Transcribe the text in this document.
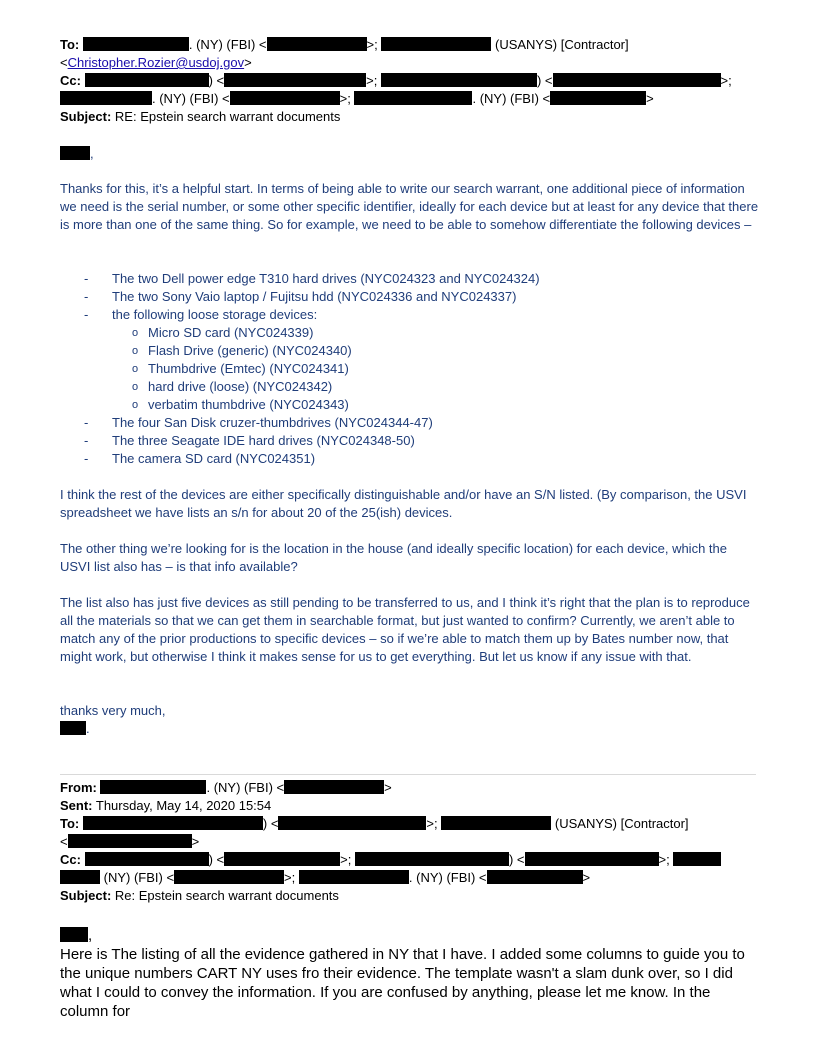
To:	. (NY) (FBI) <	>;	(USANYS) [Contractor]
<Christopher.Rozier@usdoj.gov>
Cc:	) <	>;	) <	>;
. (NY) (FBI) <	>;	. (NY) (FBI) <	>
Subject: RE: Epstein search warrant documents
,
Thanks for this, it’s a helpful start. In terms of being able to write our search warrant, one additional piece of information we need is the serial number, or some other specific identifier, ideally for each device but at least for any device that there is more than one of the same thing. So for example, we need to be able to somehow differentiate the following devices –
- The two Dell power edge T310 hard drives (NYC024323 and NYC024324)
- The two Sony Vaio laptop / Fujitsu hdd (NYC024336 and NYC024337)
- the following loose storage devices:
o Micro SD card (NYC024339)
o Flash Drive (generic) (NYC024340)
o Thumbdrive (Emtec) (NYC024341)
o hard drive (loose) (NYC024342)
o verbatim thumbdrive (NYC024343)
- The four San Disk cruzer-thumbdrives (NYC024344-47)
- The three Seagate IDE hard drives (NYC024348-50)
- The camera SD card (NYC024351)
I think the rest of the devices are either specifically distinguishable and/or have an S/N listed. (By comparison, the USVI spreadsheet we have lists an s/n for about 20 of the 25(ish) devices.
The other thing we’re looking for is the location in the house (and ideally specific location) for each device, which the USVI list also has – is that info available?
The list also has just five devices as still pending to be transferred to us, and I think it’s right that the plan is to reproduce all the materials so that we can get them in searchable format, but just wanted to confirm? Currently, we aren’t able to match any of the prior productions to specific devices – so if we’re able to match them up by Bates number now, that might work, but otherwise I think it makes sense for us to get everything. But let us know if any issue with that.
thanks very much,
.
From:	. (NY) (FBI) <	>
Sent: Thursday, May 14, 2020 15:54
To:	) <	>;	(USANYS) [Contractor]
<	>
Cc:	) <	>;	) <	>;
(NY) (FBI) <	>;	. (NY) (FBI) <	>
Subject: Re: Epstein search warrant documents
,
Here is The listing of all the evidence gathered in NY that I have. I added some columns to guide you to the unique numbers CART NY uses fro their evidence. The template wasn't a slam dunk over, so I did what I could to convey the information. If you are confused by anything, please let me know. In the column for
